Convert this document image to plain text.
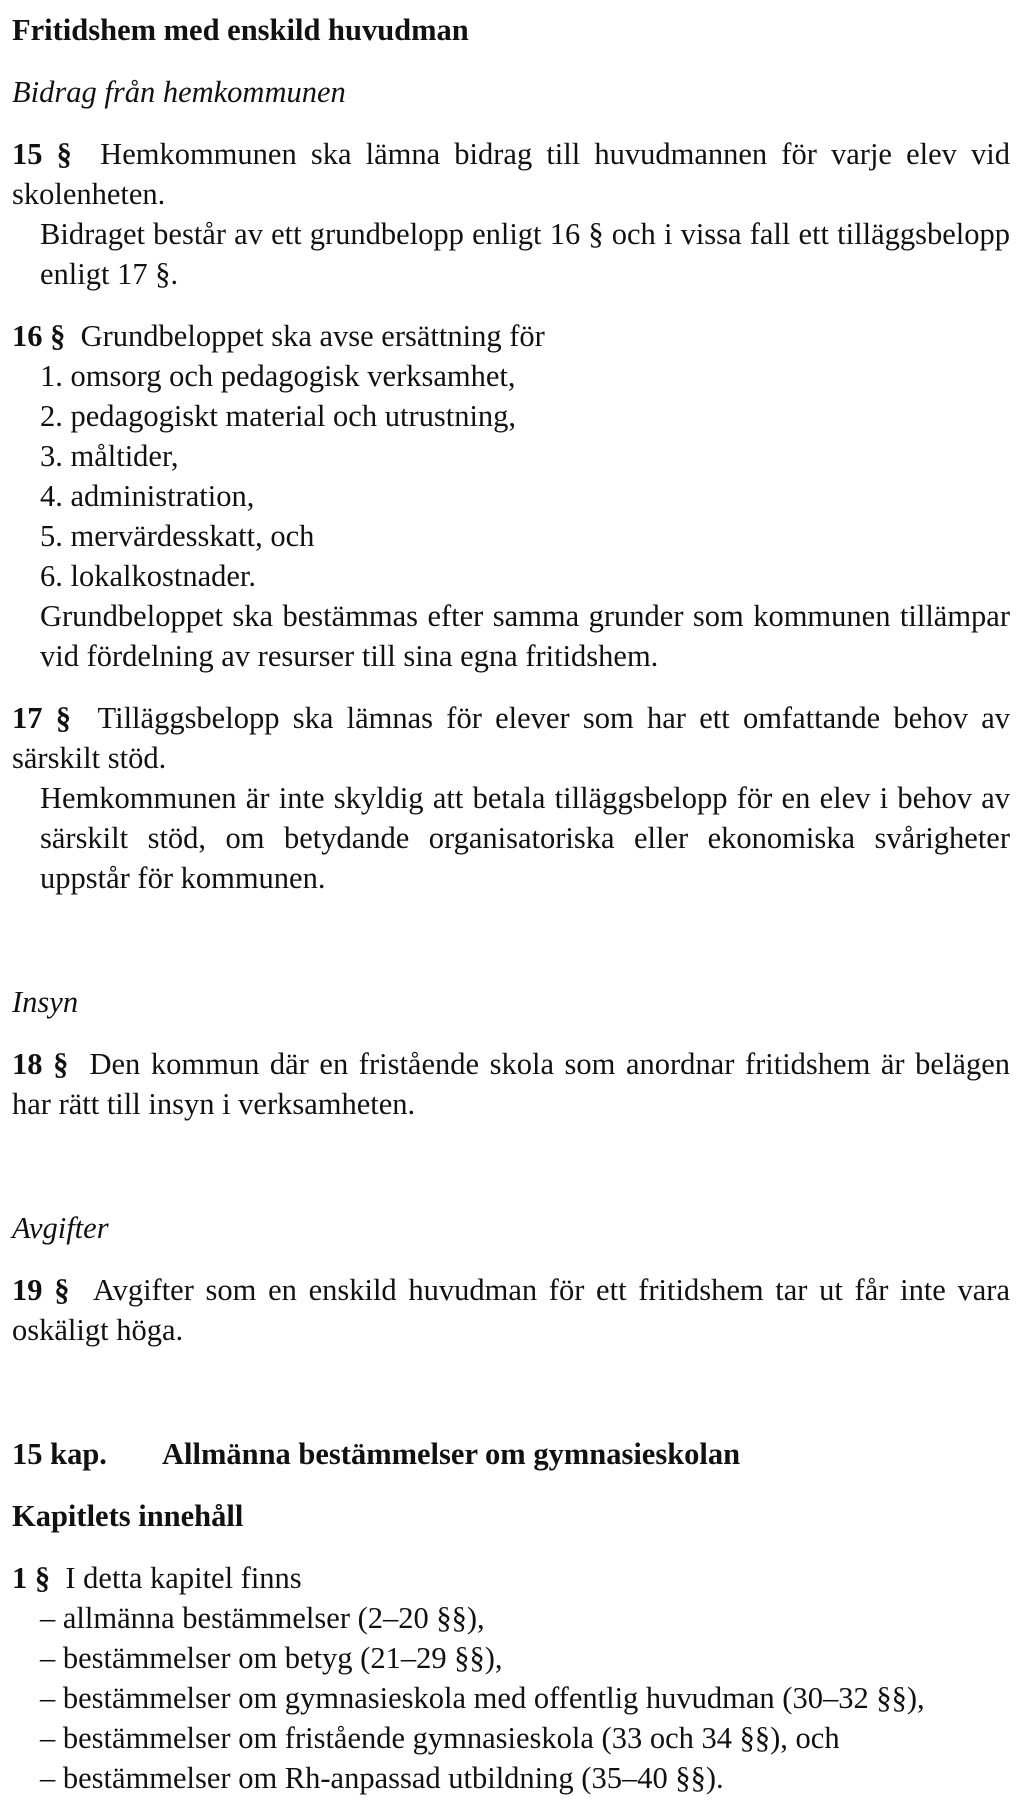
Fritidshem med enskild huvudman

Bidrag från hemkommunen

15 § Hemkommunen ska lämna bidrag till huvudmannen för varje elev vid skolenheten.

Bidraget består av ett grundbelopp enligt 16 § och i vissa fall ett tilläggsbelopp enligt 17 §.

16 § Grundbeloppet ska avse ersättning för

1. omsorg och pedagogisk verksamhet,

2. pedagogiskt material och utrustning,

3. måltider,

4. administration,

5. mervärdesskatt, och

6. lokalkostnader.

Grundbeloppet ska bestämmas efter samma grunder som kommunen tillämpar vid fördelning av resurser till sina egna fritidshem.

17 § Tilläggsbelopp ska lämnas för elever som har ett omfattande behov av särskilt stöd.

Hemkommunen är inte skyldig att betala tilläggsbelopp för en elev i behov av särskilt stöd, om betydande organisatoriska eller ekonomiska svårigheter uppstår för kommunen.

Insyn

18 § Den kommun där en fristående skola som anordnar fritidshem är belägen har rätt till insyn i verksamheten.

Avgifter

19 § Avgifter som en enskild huvudman för ett fritidshem tar ut får inte vara oskäligt höga.

15 kap.	Allmänna bestämmelser om gymnasieskolan

Kapitlets innehåll

1 § I detta kapitel finns

– allmänna bestämmelser (2–20 §§),

– bestämmelser om betyg (21–29 §§),

– bestämmelser om gymnasieskola med offentlig huvudman (30–32 §§),

– bestämmelser om fristående gymnasieskola (33 och 34 §§), och

– bestämmelser om Rh-anpassad utbildning (35–40 §§).
